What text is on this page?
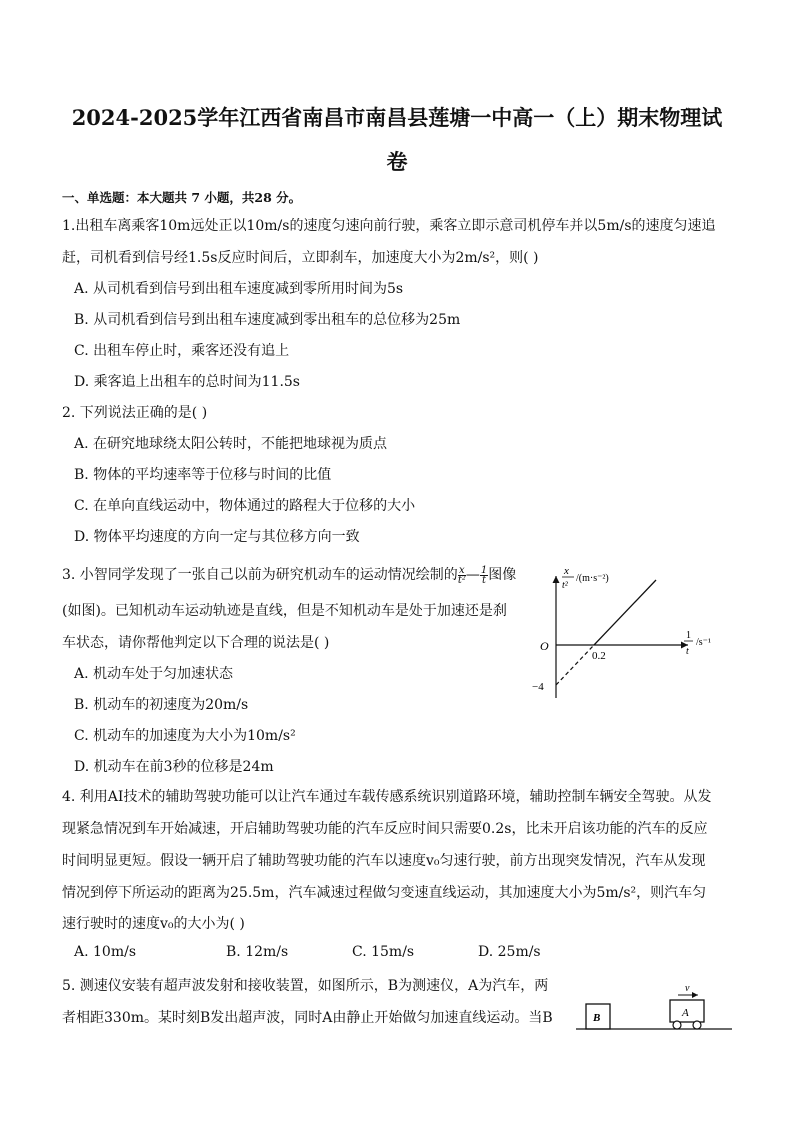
2024-2025学年江西省南昌市南昌县莲塘一中高一（上）期末物理试
卷
一、单选题：本大题共 7 小题，共28 分。
1.出租车离乘客10m远处正以10m/s的速度匀速向前行驶，乘客立即示意司机停车并以5m/s的速度匀速追
赶，司机看到信号经1.5s反应时间后，立即刹车，加速度大小为2m/s²，则( )
A. 从司机看到信号到出租车速度减到零所用时间为5s
B. 从司机看到信号到出租车速度减到零出租车的总位移为25m
C. 出租车停止时，乘客还没有追上
D. 乘客追上出租车的总时间为11.5s
2. 下列说法正确的是( )
A. 在研究地球绕太阳公转时，不能把地球视为质点
B. 物体的平均速率等于位移与时间的比值
C. 在单向直线运动中，物体通过的路程大于位移的大小
D. 物体平均速度的方向一定与其位移方向一致
3. 小智同学发现了一张自己以前为研究机动车的运动情况绘制的 $\frac{x}{\text{t²}}$ — $\frac{1}{t}$ 图像
(如图)。已知机动车运动轨迹是直线，但是不知机动车是处于加速还是刹
车状态，请你帮他判定以下合理的说法是( )
A. 机动车处于匀加速状态
B. 机动车的初速度为20m/s
C. 机动车的加速度为大小为10m/s²
D. 机动车在前3秒的位移是24m
x
t²
/(m·s⁻²)
1
t
/s⁻¹
O
0.2
−4
4. 利用AI技术的辅助驾驶功能可以让汽车通过车载传感系统识别道路环境，辅助控制车辆安全驾驶。从发
现紧急情况到车开始减速，开启辅助驾驶功能的汽车反应时间只需要0.2s，比未开启该功能的汽车的反应
时间明显更短。假设一辆开启了辅助驾驶功能的汽车以速度v₀匀速行驶，前方出现突发情况，汽车从发现
情况到停下所运动的距离为25.5m，汽车减速过程做匀变速直线运动，其加速度大小为5m/s²，则汽车匀
速行驶时的速度v₀的大小为( )
A. 10m/s	B. 12m/s	C. 15m/s	D. 25m/s
5. 测速仪安装有超声波发射和接收装置，如图所示，B为测速仪，A为汽车，两
者相距330m。某时刻B发出超声波，同时A由静止开始做匀加速直线运动。当B	B	A
v
